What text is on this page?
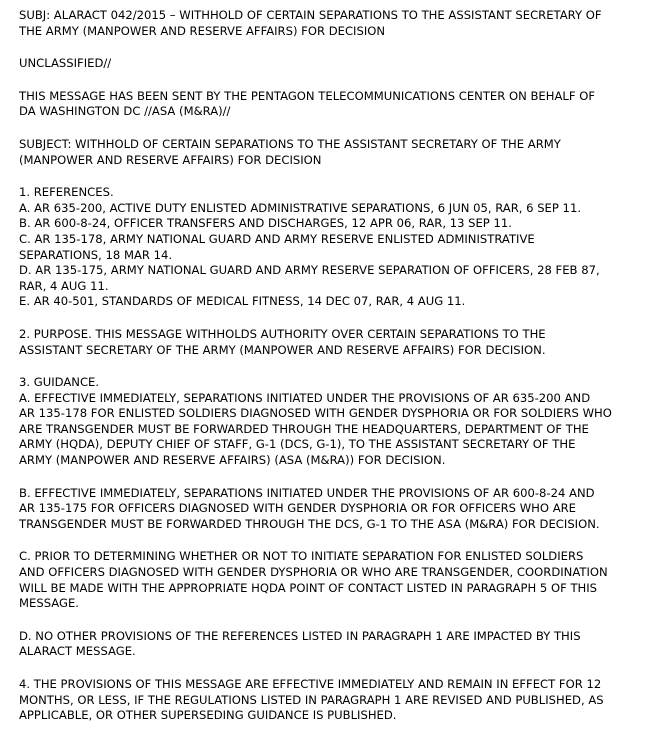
SUBJ: ALARACT 042/2015 – WITHHOLD OF CERTAIN SEPARATIONS TO THE ASSISTANT SECRETARY OF
THE ARMY (MANPOWER AND RESERVE AFFAIRS) FOR DECISION
UNCLASSIFIED//
THIS MESSAGE HAS BEEN SENT BY THE PENTAGON TELECOMMUNICATIONS CENTER ON BEHALF OF
DA WASHINGTON DC //ASA (M&RA)//
SUBJECT: WITHHOLD OF CERTAIN SEPARATIONS TO THE ASSISTANT SECRETARY OF THE ARMY
(MANPOWER AND RESERVE AFFAIRS) FOR DECISION
1. REFERENCES.
A. AR 635-200, ACTIVE DUTY ENLISTED ADMINISTRATIVE SEPARATIONS, 6 JUN 05, RAR, 6 SEP 11.
B. AR 600-8-24, OFFICER TRANSFERS AND DISCHARGES, 12 APR 06, RAR, 13 SEP 11.
C. AR 135-178, ARMY NATIONAL GUARD AND ARMY RESERVE ENLISTED ADMINISTRATIVE
SEPARATIONS, 18 MAR 14.
D. AR 135-175, ARMY NATIONAL GUARD AND ARMY RESERVE SEPARATION OF OFFICERS, 28 FEB 87,
RAR, 4 AUG 11.
E. AR 40-501, STANDARDS OF MEDICAL FITNESS, 14 DEC 07, RAR, 4 AUG 11.
2. PURPOSE. THIS MESSAGE WITHHOLDS AUTHORITY OVER CERTAIN SEPARATIONS TO THE
ASSISTANT SECRETARY OF THE ARMY (MANPOWER AND RESERVE AFFAIRS) FOR DECISION.
3. GUIDANCE.
A. EFFECTIVE IMMEDIATELY, SEPARATIONS INITIATED UNDER THE PROVISIONS OF AR 635-200 AND
AR 135-178 FOR ENLISTED SOLDIERS DIAGNOSED WITH GENDER DYSPHORIA OR FOR SOLDIERS WHO
ARE TRANSGENDER MUST BE FORWARDED THROUGH THE HEADQUARTERS, DEPARTMENT OF THE
ARMY (HQDA), DEPUTY CHIEF OF STAFF, G-1 (DCS, G-1), TO THE ASSISTANT SECRETARY OF THE
ARMY (MANPOWER AND RESERVE AFFAIRS) (ASA (M&RA)) FOR DECISION.
B. EFFECTIVE IMMEDIATELY, SEPARATIONS INITIATED UNDER THE PROVISIONS OF AR 600-8-24 AND
AR 135-175 FOR OFFICERS DIAGNOSED WITH GENDER DYSPHORIA OR FOR OFFICERS WHO ARE
TRANSGENDER MUST BE FORWARDED THROUGH THE DCS, G-1 TO THE ASA (M&RA) FOR DECISION.
C. PRIOR TO DETERMINING WHETHER OR NOT TO INITIATE SEPARATION FOR ENLISTED SOLDIERS
AND OFFICERS DIAGNOSED WITH GENDER DYSPHORIA OR WHO ARE TRANSGENDER, COORDINATION
WILL BE MADE WITH THE APPROPRIATE HQDA POINT OF CONTACT LISTED IN PARAGRAPH 5 OF THIS
MESSAGE.
D. NO OTHER PROVISIONS OF THE REFERENCES LISTED IN PARAGRAPH 1 ARE IMPACTED BY THIS
ALARACT MESSAGE.
4. THE PROVISIONS OF THIS MESSAGE ARE EFFECTIVE IMMEDIATELY AND REMAIN IN EFFECT FOR 12
MONTHS, OR LESS, IF THE REGULATIONS LISTED IN PARAGRAPH 1 ARE REVISED AND PUBLISHED, AS
APPLICABLE, OR OTHER SUPERSEDING GUIDANCE IS PUBLISHED.
